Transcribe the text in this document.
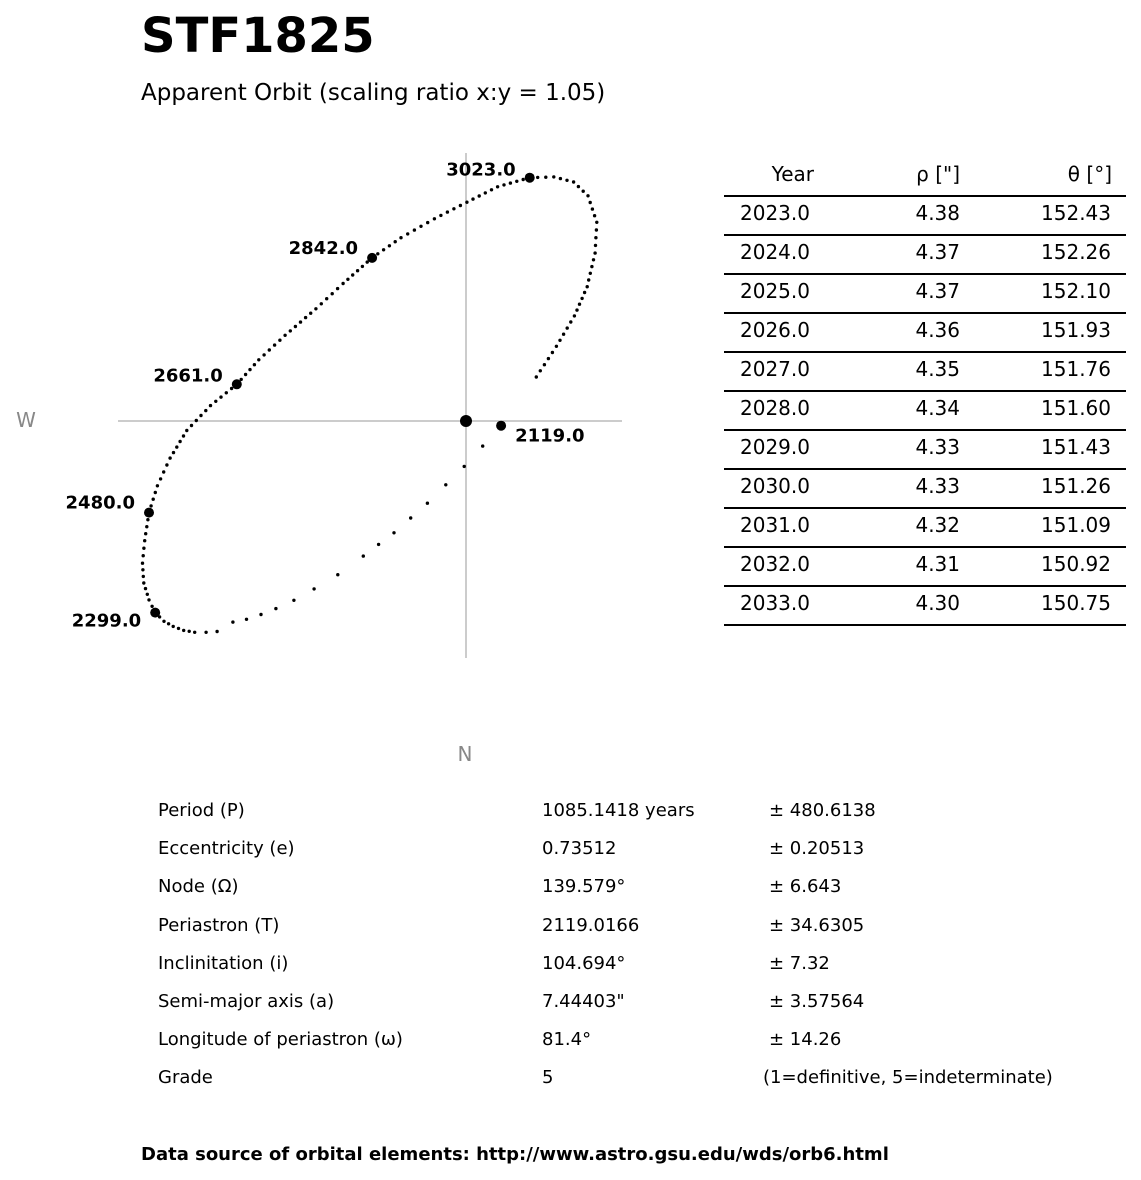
STF1825
Apparent Orbit (scaling ratio x:y = 1.05)
W
N
2119.0
2299.0
2480.0
2661.0
2842.0
3023.0	Year	ρ ["]	θ [°]
2023.0	4.38	152.43
2024.0	4.37	152.26
2025.0	4.37	152.10
2026.0	4.36	151.93
2027.0	4.35	151.76
2028.0	4.34	151.60
2029.0	4.33	151.43
2030.0	4.33	151.26
2031.0	4.32	151.09
2032.0	4.31	150.92
2033.0	4.30	150.75
Period (P)	1085.1418 years	± 480.6138
Eccentricity (e)	0.73512	± 0.20513
Node (Ω)	139.579°	± 6.643
Periastron (T)	2119.0166	± 34.6305
Inclinitation (i)	104.694°	± 7.32
Semi-major axis (a)	7.44403"	± 3.57564
Longitude of periastron (ω)	81.4°	± 14.26
Grade	5	(1=definitive, 5=indeterminate)
Data source of orbital elements: http://www.astro.gsu.edu/wds/orb6.html
